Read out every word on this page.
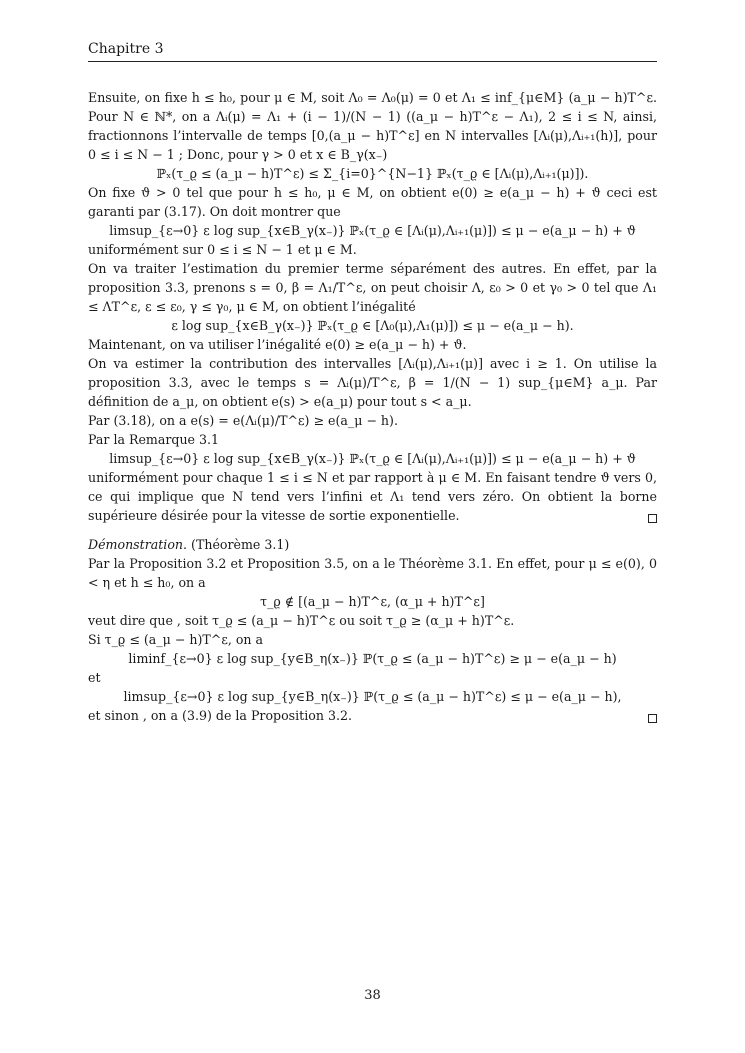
Chapitre 3

Ensuite, on fixe h ≤ h₀, pour μ ∈ M, soit Λ₀ = Λ₀(μ) = 0 et Λ₁ ≤ inf_{μ∈M} (a_μ − h)T^ε. Pour N ∈ ℕ*, on a Λᵢ(μ) = Λ₁ + (i − 1)/(N − 1) ((a_μ − h)T^ε − Λ₁), 2 ≤ i ≤ N, ainsi, fractionnons l’intervalle de temps [0,(a_μ − h)T^ε] en N intervalles [Λᵢ(μ),Λᵢ₊₁(h)], pour 0 ≤ i ≤ N − 1 ; Donc, pour γ > 0 et x ∈ B_γ(x₋)

ℙₓ(τ_ϱ ≤ (a_μ − h)T^ε) ≤ Σ_{i=0}^{N−1} ℙₓ(τ_ϱ ∈ [Λᵢ(μ),Λᵢ₊₁(μ)]).

On fixe ϑ > 0 tel que pour h ≤ h₀, μ ∈ M, on obtient e(0) ≥ e(a_μ − h) + ϑ ceci est garanti par (3.17). On doit montrer que

limsup_{ε→0} ε log sup_{x∈B_γ(x₋)} ℙₓ(τ_ϱ ∈ [Λᵢ(μ),Λᵢ₊₁(μ)]) ≤ μ − e(a_μ − h) + ϑ

uniformément sur 0 ≤ i ≤ N − 1 et μ ∈ M.

On va traiter l’estimation du premier terme séparément des autres. En effet, par la proposition 3.3, prenons s = 0, β = Λ₁/T^ε, on peut choisir Λ, ε₀ > 0 et γ₀ > 0 tel que Λ₁ ≤ ΛT^ε, ε ≤ ε₀, γ ≤ γ₀, μ ∈ M, on obtient l’inégalité

ε log sup_{x∈B_γ(x₋)} ℙₓ(τ_ϱ ∈ [Λ₀(μ),Λ₁(μ)]) ≤ μ − e(a_μ − h).

Maintenant, on va utiliser l’inégalité e(0) ≥ e(a_μ − h) + ϑ.

On va estimer la contribution des intervalles [Λᵢ(μ),Λᵢ₊₁(μ)] avec i ≥ 1. On utilise la proposition 3.3, avec le temps s = Λᵢ(μ)/T^ε, β = 1/(N − 1) sup_{μ∈M} a_μ. Par définition de a_μ, on obtient e(s) > e(a_μ) pour tout s < a_μ.

Par (3.18), on a e(s) = e(Λᵢ(μ)/T^ε) ≥ e(a_μ − h).

Par la Remarque 3.1

limsup_{ε→0} ε log sup_{x∈B_γ(x₋)} ℙₓ(τ_ϱ ∈ [Λᵢ(μ),Λᵢ₊₁(μ)]) ≤ μ − e(a_μ − h) + ϑ

uniformément pour chaque 1 ≤ i ≤ N et par rapport à μ ∈ M. En faisant tendre ϑ vers 0, ce qui implique que N tend vers l’infini et Λ₁ tend vers zéro. On obtient la borne supérieure désirée pour la vitesse de sortie exponentielle.

Démonstration. (Théorème 3.1)

Par la Proposition 3.2 et Proposition 3.5, on a le Théorème 3.1. En effet, pour μ ≤ e(0), 0 < η et h ≤ h₀, on a

τ_ϱ ∉ [(a_μ − h)T^ε, (α_μ + h)T^ε]

veut dire que , soit τ_ϱ ≤ (a_μ − h)T^ε ou soit τ_ϱ ≥ (α_μ + h)T^ε.

Si τ_ϱ ≤ (a_μ − h)T^ε, on a

liminf_{ε→0} ε log sup_{y∈B_η(x₋)} ℙ(τ_ϱ ≤ (a_μ − h)T^ε) ≥ μ − e(a_μ − h)

et

limsup_{ε→0} ε log sup_{y∈B_η(x₋)} ℙ(τ_ϱ ≤ (a_μ − h)T^ε) ≤ μ − e(a_μ − h),

et sinon , on a (3.9) de la Proposition 3.2.

38
